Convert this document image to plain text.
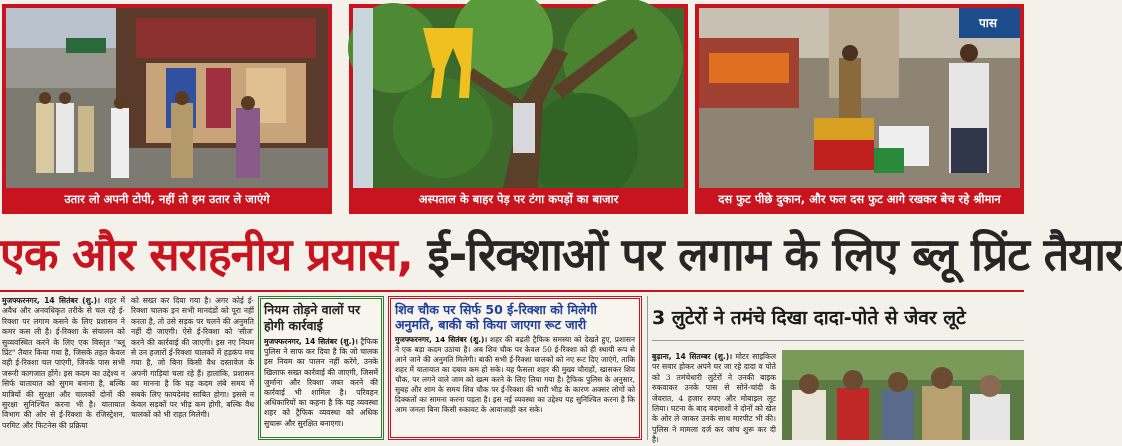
उतार लो अपनी टोपी, नहीं तो हम उतार ले जाएंगे	अस्पताल के बाहर पेड़ पर टंगा कपड़ों का बाजार
पास
दस फुट पीछे दुकान, और फल दस फुट आगे रखकर बेच रहे श्रीमान
एक और सराहनीय प्रयास, ई-रिक्शाओं पर लगाम के लिए ब्लू प्रिंट तैयार
मुजफ्फरनगर, 14 सितंबर (शु.)। शहर में अवैध और अनवधिकृत तरीके से चल रहे ई-रिक्शा पर लगाम कसने के लिए प्रशासन ने कमर कस ली है। ई-रिक्शा के संचालन को सुव्यवस्थित करने के लिए एक विस्तृत "ब्लू प्रिंट" तैयार किया गया है, जिसके तहत केवल वही ई-रिक्शा चल पाएंगी, जिनके पास सभी जरूरी कागजात होंगे। इस कदम का उद्देश्य न सिर्फ यातायात को सुगम बनाना है, बल्कि यात्रियों की सुरक्षा और चालकों दोनों की सुरक्षा सुनिश्चित करना भी है। यातायात विभाग की ओर से ई-रिक्शा के रजिस्ट्रेशन, परमिट और फिटनेस की प्रक्रिया
को सख्त कर दिया गया है। अगर कोई ई-रिक्शा चालक इन सभी मानदंडों को पूरा नहीं करता है, तो उसे सड़क पर चलने की अनुमति नहीं दी जाएगी। ऐसे ई-रिक्शा को 'सीज' करने की कार्रवाई की जाएगी। इस नए नियम से उन हजारों ई-रिक्शा चालकों में हड़कंप मच गया है, जो बिना किसी वैध दस्तावेज के अपनी गाड़ियां चला रहे हैं। हालांकि, प्रशासन का मानना है कि यह कदम लंबे समय में सबके लिए फायदेमंद साबित होगा। इससे न केवल सड़कों पर भीड़ कम होगी, बल्कि वैध चालकों को भी राहत मिलेगी।
नियम तोड़ने वालों पर होगी कार्रवाई
मुजफ्फरनगर, 14 सितंबर (शु.)। ट्रैफिक पुलिस ने साफ कर दिया है कि जो चालक इस नियम का पालन नहीं करेंगे, उनके खिलाफ सख्त कार्रवाई की जाएगी, जिसमें जुर्माना और रिक्शा जब्त करने की कार्रवाई भी शामिल है। परिवहन अधिकारियों का कहना है कि यह व्यवस्था शहर को ट्रैफिक व्यवस्था को अधिक सुचारू और सुरक्षित बनाएगा।
शिव चौक पर सिर्फ 50 ई-रिक्शा को मिलेगी अनुमति, बाकी को किया जाएगा रूट जारी
मुजफ्फरनगर, 14 सितंबर (शु.)। शहर की बढ़ती ट्रैफिक समस्या को देखते हुए, प्रशासन ने एक बड़ा कदम उठाया है। अब शिव चौक पर केवल 50 ई-रिक्शा को ही स्थायी रूप से आने जाने की अनुमति मिलेगी। बाकी सभी ई-रिक्शा चालकों को नए रूट दिए जाएंगे, ताकि शहर में यातायात का दबाव कम हो सके। यह फैसला शहर की मुख्य चौराहों, खासकर शिव चौक, पर लगने वाले जाम को खत्म करने के लिए लिया गया है। ट्रैफिक पुलिस के अनुसार, सुबह और शाम के समय शिव चौक पर ई-रिक्शा की भारी भीड़ के कारण अक्सर लोगों को दिक्कतों का सामना करना पड़ता है। इस नई व्यवस्था का उद्देश्य यह सुनिश्चित करना है कि आम जनता बिना किसी रुकावट के आवाजाही कर सके।
3 लुटेरों ने तमंचे दिखा दादा-पोते से जेवर लूटे
बुढ़ाना, 14 सितम्बर (शु.)। मोटर साइकिल पर सवार होकर अपने घर जा रहे दादा व पोते को 3 तमंचेधारी लुटेरों ने उनकी बाइक रुकवाकर उनके पास से सोने-चांदी के जेवरात, 4 हजार रुपए और मोबाइल लूट लिया। घटना के बाद बदमाशों ने दोनों को खेत के ओर ले जाकर उनके साथ मारपीट भी की। पुलिस ने मामला दर्ज कर जांच शुरू कर दी है।
